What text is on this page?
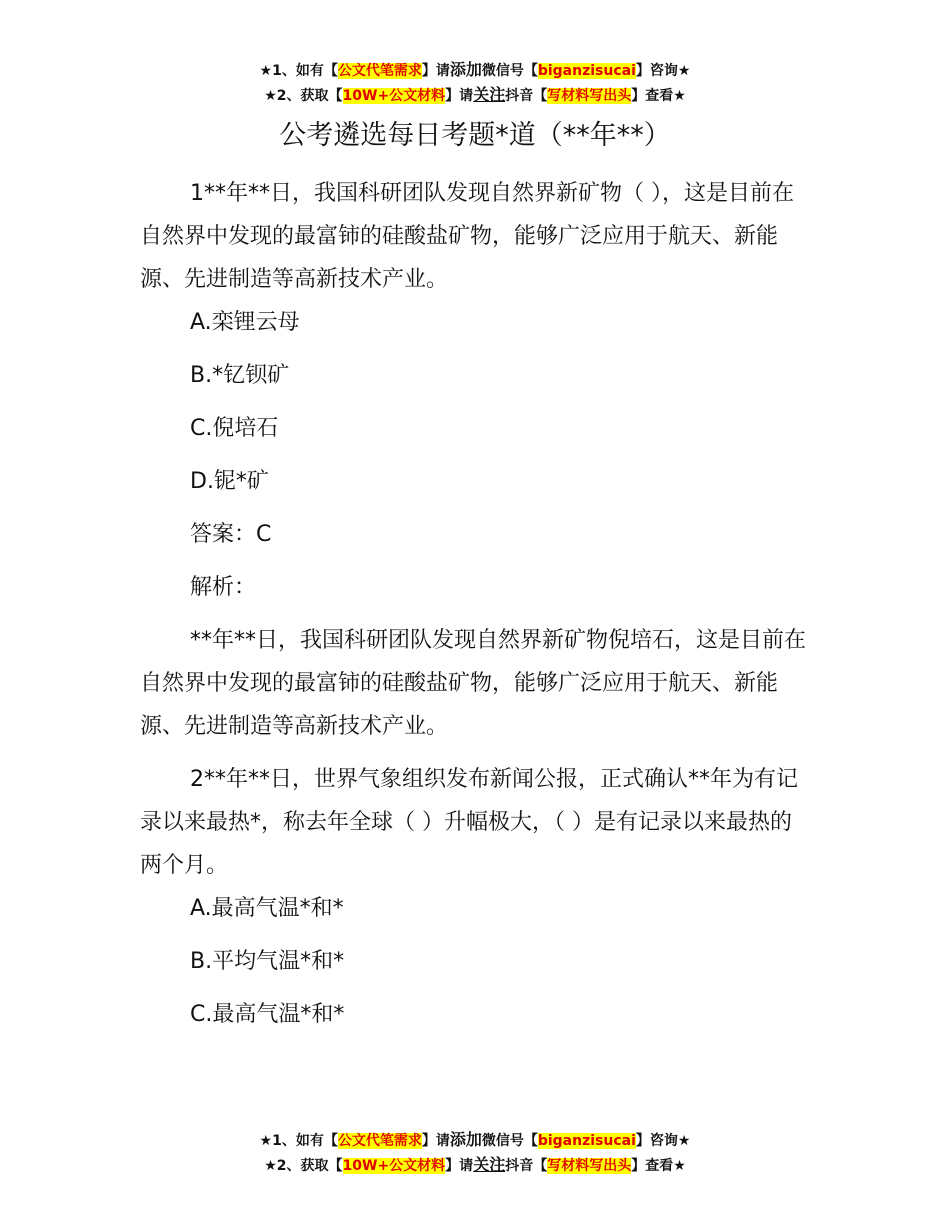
★1、如有【公文代笔需求】请添加微信号【biganzisucai】咨询★
★2、获取【10W+公文材料】请关注抖音【写材料写出头】查看★
公考遴选每日考题*道（**年**）

1**年**日，我国科研团队发现自然界新矿物（ ），这是目前在自然界中发现的最富铈的硅酸盐矿物，能够广泛应用于航天、新能源、先进制造等高新技术产业。

A.栾锂云母

B.*钇钡矿

C.倪培石

D.铌*矿

答案：C

解析：

**年**日，我国科研团队发现自然界新矿物倪培石，这是目前在自然界中发现的最富铈的硅酸盐矿物，能够广泛应用于航天、新能源、先进制造等高新技术产业。

2**年**日，世界气象组织发布新闻公报，正式确认**年为有记录以来最热*，称去年全球（ ）升幅极大，（ ）是有记录以来最热的两个月。

A.最高气温*和*

B.平均气温*和*

C.最高气温*和*

★1、如有【公文代笔需求】请添加微信号【biganzisucai】咨询★
★2、获取【10W+公文材料】请关注抖音【写材料写出头】查看★
